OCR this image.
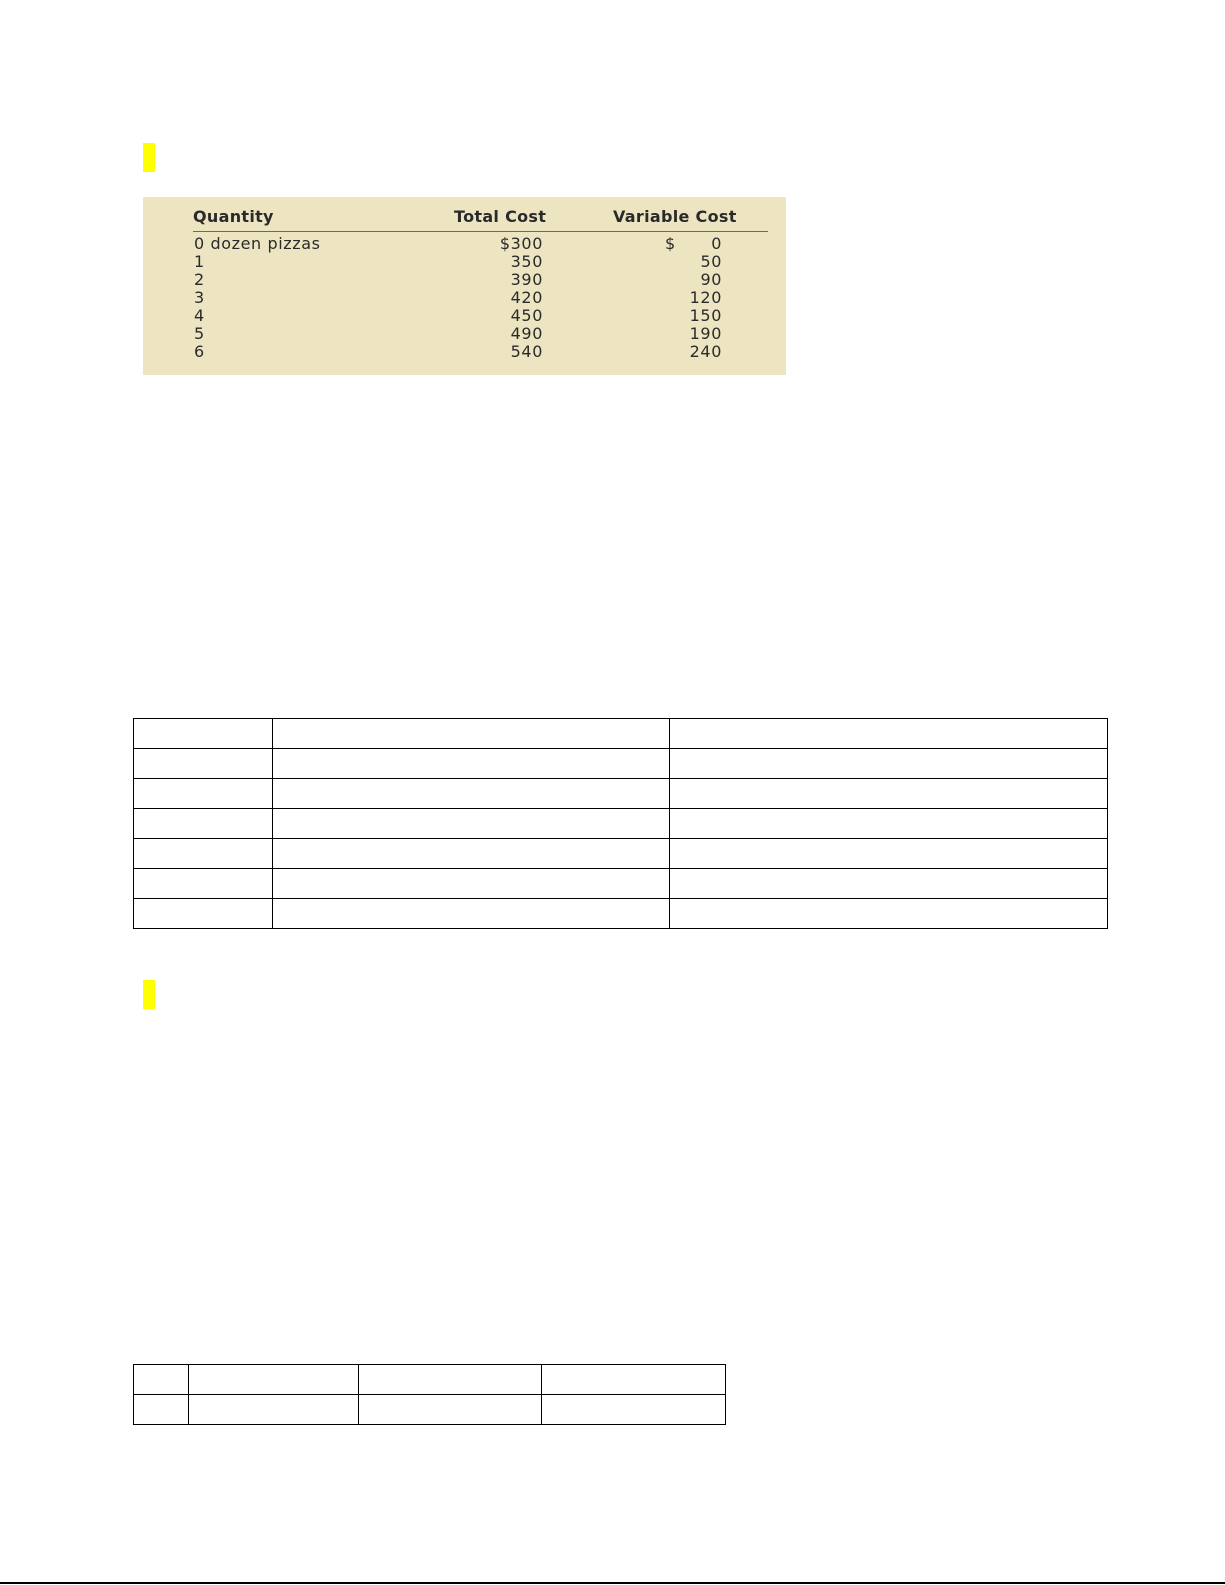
Quantity	Total Cost	Variable Cost
0 dozen pizzas	$300	$ 0
1	350	50
2	390	90
3	420	120
4	450	150
5	490	190
6	540	240
